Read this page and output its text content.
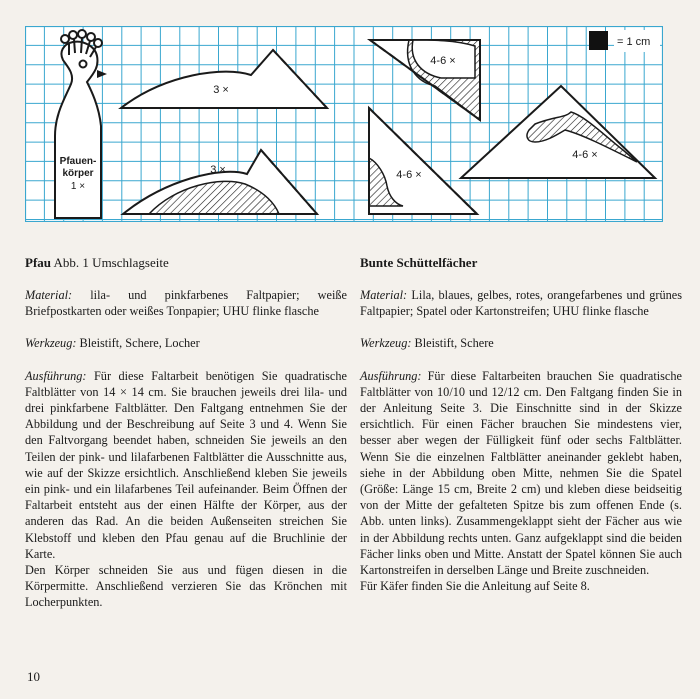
= 1 cm
Pfauen-
körper
1 ×
3 ×
3 ×
4-6 ×
4-6 ×
4-6 ×
Pfau Abb. 1 Umschlagseite

Material: lila- und pinkfarbenes Faltpapier; weiße Briefpostkarten oder weißes Tonpapier; UHU flinke flasche

Werkzeug: Bleistift, Schere, Locher

Ausführung: Für diese Faltarbeit benötigen Sie quadratische Faltblätter von 14 × 14 cm. Sie brauchen jeweils drei lila- und drei pinkfarbene Faltblätter. Den Faltgang entnehmen Sie der Abbildung und der Beschreibung auf Seite 3 und 4. Wenn Sie den Faltvorgang beendet haben, schneiden Sie jeweils an den Teilen der pink- und lilafarbenen Faltblätter die Ausschnitte aus, wie auf der Skizze ersichtlich. Anschließend kleben Sie jeweils ein pink- und ein lilafarbenes Teil aufeinander. Beim Öffnen der Faltarbeit entsteht aus der einen Hälfte der Körper, aus der anderen das Rad. An die beiden Außenseiten streichen Sie Klebstoff und kleben den Pfau genau auf die Bruchlinie der Karte.

Den Körper schneiden Sie aus und fügen diesen in die Körpermitte. Anschließend verzieren Sie das Krönchen mit Locherpunkten.

Bunte Schüttelfächer

Material: Lila, blaues, gelbes, rotes, orangefarbenes und grünes Faltpapier; Spatel oder Kartonstreifen; UHU flinke flasche

Werkzeug: Bleistift, Schere

Ausführung: Für diese Faltarbeiten brauchen Sie quadratische Faltblätter von 10/10 und 12/12 cm. Den Faltgang finden Sie in der Anleitung Seite 3. Die Einschnitte sind in der Skizze ersichtlich. Für einen Fächer brauchen Sie mindestens vier, besser aber wegen der Fülligkeit fünf oder sechs Faltblätter. Wenn Sie die einzelnen Faltblätter aneinander geklebt haben, siehe in der Abbildung oben Mitte, nehmen Sie die Spatel (Größe: Länge 15 cm, Breite 2 cm) und kleben diese beidseitig von der Mitte der gefalteten Spitze bis zum offenen Ende (s. Abb. unten links). Zusammengeklappt sieht der Fächer aus wie in der Abbildung rechts unten. Ganz aufgeklappt sind die beiden Fächer links oben und Mitte. Anstatt der Spatel können Sie auch Kartonstreifen in derselben Länge und Breite zuschneiden.

Für Käfer finden Sie die Anleitung auf Seite 8.

10
